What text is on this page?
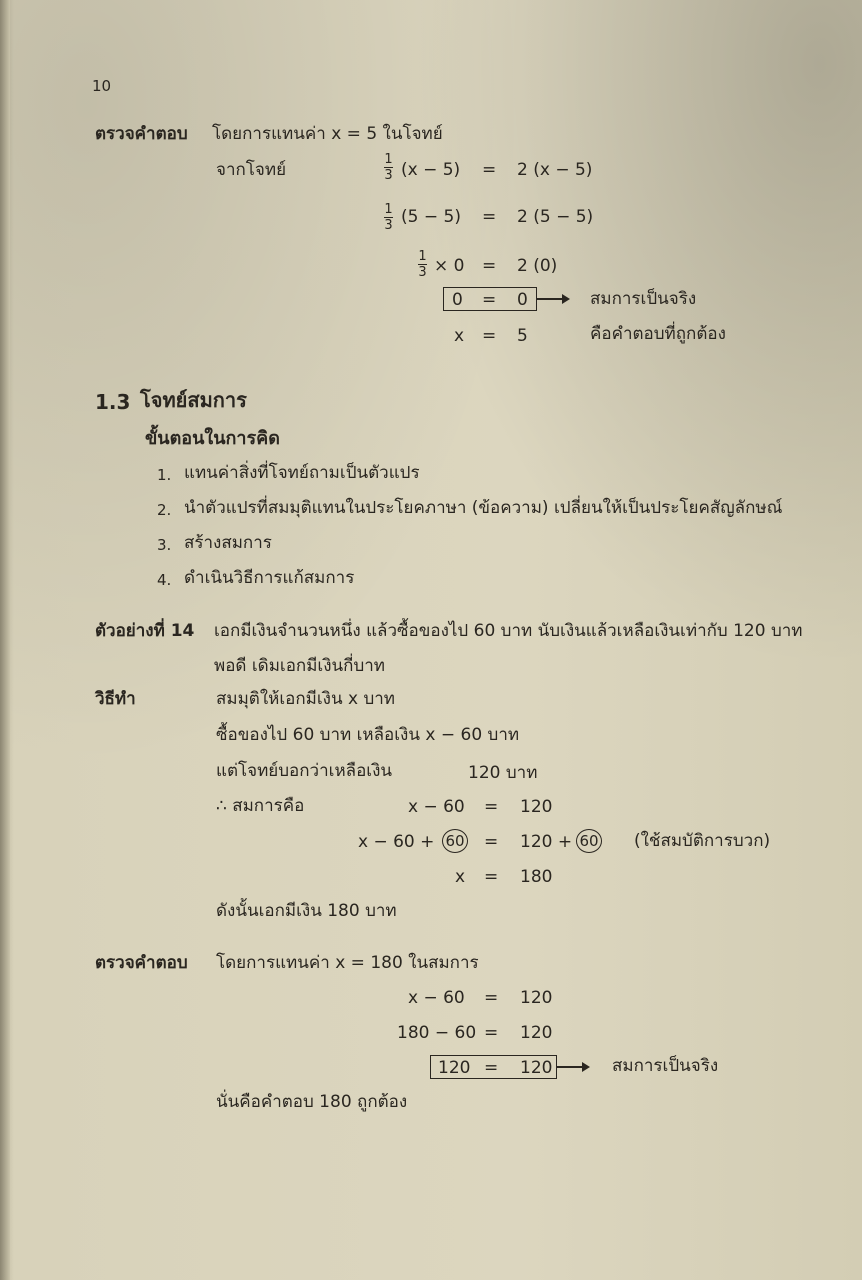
10
ตรวจคำตอบ โดยการแทนค่า x = 5 ในโจทย์
จากโจทย์
1
3 (x − 5) = 2 (x − 5)
1
3 (5 − 5) = 2 (5 − 5)
1
3 × 0 = 2 (0)
0 = 0	สมการเป็นจริง
x = 5	คือคำตอบที่ถูกต้อง
1.3 โจทย์สมการ
ขั้นตอนในการคิด
1. แทนค่าสิ่งที่โจทย์ถามเป็นตัวแปร
2. นำตัวแปรที่สมมุติแทนในประโยคภาษา (ข้อความ) เปลี่ยนให้เป็นประโยคสัญลักษณ์
3. สร้างสมการ
4. ดำเนินวิธีการแก้สมการ
ตัวอย่างที่ 14 เอกมีเงินจำนวนหนึ่ง แล้วซื้อของไป 60 บาท นับเงินแล้วเหลือเงินเท่ากับ 120 บาท
พอดี เดิมเอกมีเงินกี่บาท
วิธีทำ	สมมุติให้เอกมีเงิน x บาท
ซื้อของไป 60 บาท เหลือเงิน x − 60 บาท
แต่โจทย์บอกว่าเหลือเงิน	120 บาท
∴ สมการคือ	x − 60 = 120
x − 60 + 60 = 120 + 60 (ใช้สมบัติการบวก)
x = 180
ดังนั้นเอกมีเงิน 180 บาท
ตรวจคำตอบ โดยการแทนค่า x = 180 ในสมการ
x − 60 = 120
180 − 60 = 120
120 = 120	สมการเป็นจริง
นั่นคือคำตอบ 180 ถูกต้อง
